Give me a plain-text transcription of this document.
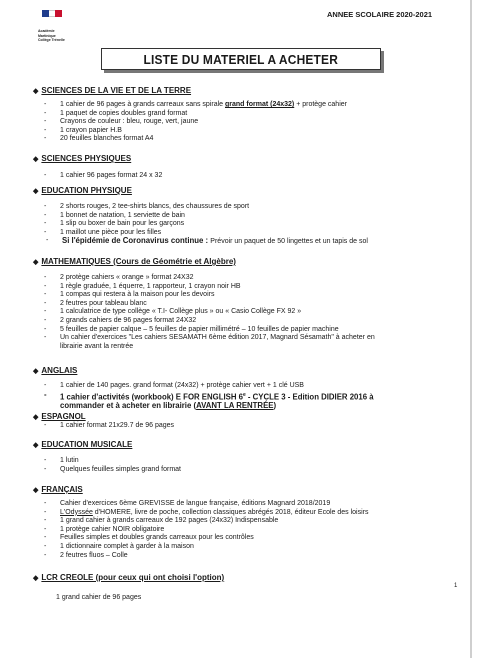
Académie
Martinique
Collège Trénelle
ANNEE SCOLAIRE 2020-2021
LISTE DU MATERIEL A ACHETER
◆ SCIENCES DE LA VIE ET DE LA TERRE
- 1 cahier de 96 pages à grands carreaux sans spirale grand format (24x32) + protège cahier
- 1 paquet de copies doubles grand format
- Crayons de couleur : bleu, rouge, vert, jaune
- 1 crayon papier H.B
- 20 feuilles blanches format A4
◆ SCIENCES PHYSIQUES
- 1 cahier 96 pages format 24 x 32
◆ EDUCATION PHYSIQUE
- 2 shorts rouges, 2 tee-shirts blancs, des chaussures de sport
- 1 bonnet de natation, 1 serviette de bain
- 1 slip ou boxer de bain pour les garçons
- 1 maillot une pièce pour les filles
- Si l'épidémie de Coronavirus continue : Prévoir un paquet de 50 lingettes et un tapis de sol
◆ MATHEMATIQUES (Cours de Géométrie et Algèbre)
- 2 protège cahiers « orange » format 24X32
- 1 règle graduée, 1 équerre, 1 rapporteur, 1 crayon noir HB
- 1 compas qui restera à la maison pour les devoirs
- 2 feutres pour tableau blanc
- 1 calculatrice de type collège « T.I- Collège plus » ou « Casio Collège FX 92 »
- 2 grands cahiers de 96 pages format 24X32
- 5 feuilles de papier calque – 5 feuilles de papier millimétré – 10 feuilles de papier machine
- Un cahier d'exercices "Les cahiers SESAMATH 6ème édition 2017, Magnard Sésamath" à acheter en
librairie avant la rentrée
◆ ANGLAIS
- 1 cahier de 140 pages. grand format (24x32) + protège cahier vert + 1 clé USB
- 1 cahier d'activités (workbook) E FOR ENGLISH 6e - CYCLE 3 - Edition DIDIER 2016 à
commander et à acheter en librairie (AVANT LA RENTRÉE)
◆ ESPAGNOL
- 1 cahier format 21x29.7 de 96 pages
◆ EDUCATION MUSICALE
- 1 lutin
- Quelques feuilles simples grand format
◆ FRANÇAIS
- Cahier d'exercices 6ème GREVISSE de langue française, éditions Magnard 2018/2019
- L'Odyssée d'HOMERE, livre de poche, collection classiques abrégés 2018, éditeur Ecole des loisirs
- 1 grand cahier à grands carreaux de 192 pages (24x32) Indispensable
- 1 protège cahier NOIR obligatoire
- Feuilles simples et doubles grands carreaux pour les contrôles
- 1 dictionnaire complet à garder à la maison
- 2 feutres fluos – Colle
◆ LCR CREOLE (pour ceux qui ont choisi l'option)
1 grand cahier de 96 pages
1
